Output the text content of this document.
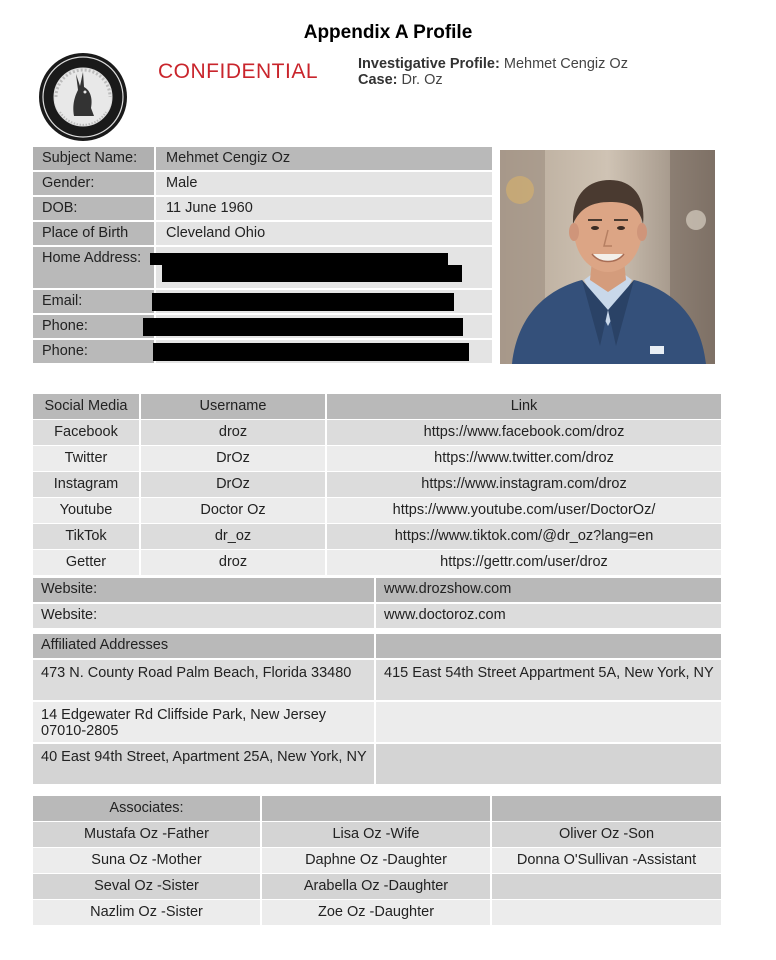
Appendix A Profile
CONFIDENTIAL	Investigative Profile: Mehmet Cengiz Oz
Case: Dr. Oz
Subject Name:	Mehmet Cengiz Oz
Gender:	Male
DOB:	11 June 1960
Place of Birth	Cleveland Ohio
Home Address:
Email:
Phone:
Phone:
Social Media	Username	Link
Facebook	droz	https://www.facebook.com/droz
Twitter	DrOz	https://www.twitter.com/droz
Instagram	DrOz	https://www.instagram.com/droz
Youtube	Doctor Oz	https://www.youtube.com/user/DoctorOz/
TikTok	dr_oz	https://www.tiktok.com/@dr_oz?lang=en
Getter	droz	https://gettr.com/user/droz
Website:	www.drozshow.com
Website:	www.doctoroz.com
Affiliated Addresses
473 N. County Road Palm Beach, Florida 33480	415 East 54th Street Appartment 5A, New York, NY
14 Edgewater Rd Cliffside Park, New Jersey 07010-2805
40 East 94th Street, Apartment 25A, New York, NY
Associates:
Mustafa Oz -Father	Lisa Oz -Wife	Oliver Oz -Son
Suna Oz -Mother	Daphne Oz -Daughter	Donna O'Sullivan -Assistant
Seval Oz -Sister	Arabella Oz -Daughter
Nazlim Oz -Sister	Zoe Oz -Daughter
